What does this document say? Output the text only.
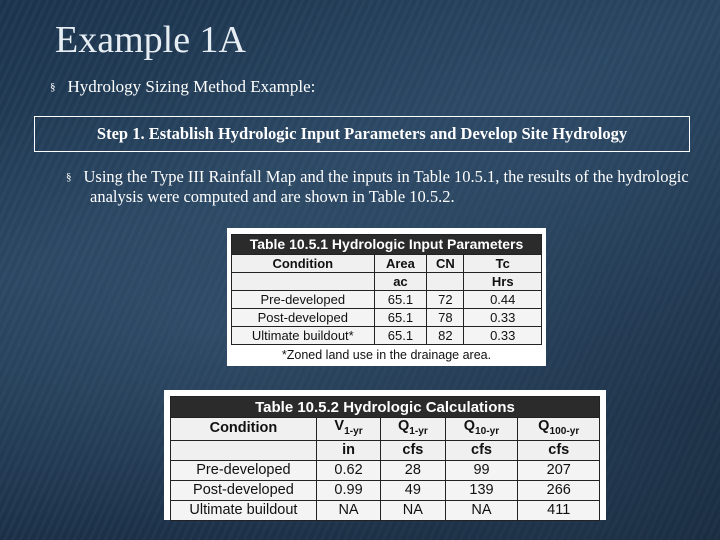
Example 1A
§ Hydrology Sizing Method Example:
Step 1. Establish Hydrologic Input Parameters and Develop Site Hydrology
§ Using the Type III Rainfall Map and the inputs in Table 10.5.1, the results of the hydrologic analysis were computed and are shown in Table 10.5.2.
Table 10.5.1 Hydrologic Input Parameters			
Condition	Area	CN	Tc
	ac		Hrs
Pre-developed	65.1	72	0.44
Post-developed	65.1	78	0.33
Ultimate buildout*	65.1	82	0.33
*Zoned land use in the drainage area.
Table 10.5.2 Hydrologic Calculations				
Condition	$V_{1-yr}$	$Q_{1-yr}$	$Q_{10-yr}$	$Q_{100-yr}$
	in	cfs	cfs	cfs
Pre-developed	0.62	28	99	207
Post-developed	0.99	49	139	266
Ultimate buildout	NA	NA	NA	411
